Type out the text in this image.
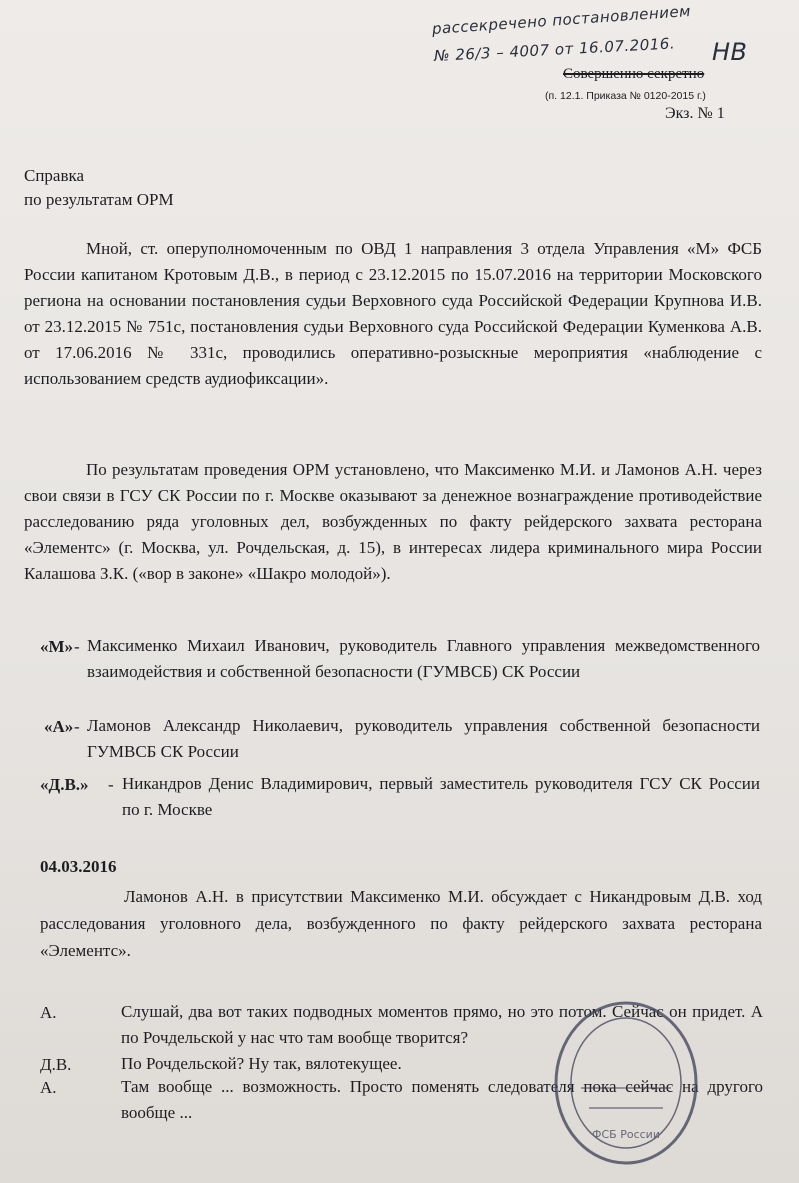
рассекречено постановлением
№ 26/3 – 4007 от 16.07.2016. НВ
Совершенно секретно
(п. 12.1. Приказа № 0120-2015 г.)
Экз. № 1
Справка
по результатам ОРМ
Мной, ст. оперуполномоченным по ОВД 1 направления 3 отдела Управления «М» ФСБ России капитаном Кротовым Д.В., в период с 23.12.2015 по 15.07.2016 на территории Московского региона на основании постановления судьи Верховного суда Российской Федерации Крупнова И.В. от 23.12.2015 № 751с, постановления судьи Верховного суда Российской Федерации Куменкова А.В. от 17.06.2016 № 331с, проводились оперативно-розыскные мероприятия «наблюдение с использованием средств аудиофиксации».
По результатам проведения ОРМ установлено, что Максименко М.И. и Ламонов А.Н. через свои связи в ГСУ СК России по г. Москве оказывают за денежное вознаграждение противодействие расследованию ряда уголовных дел, возбужденных по факту рейдерского захвата ресторана «Элементс» (г. Москва, ул. Рочдельская, д. 15), в интересах лидера криминального мира России Калашова З.К. («вор в законе» «Шакро молодой»).
«М» - Максименко Михаил Иванович, руководитель Главного управления межведомственного взаимодействия и собственной безопасности (ГУМВСБ) СК России
«А» - Ламонов Александр Николаевич, руководитель управления собственной безопасности ГУМВСБ СК России
«Д.В.» - Никандров Денис Владимирович, первый заместитель руководителя ГСУ СК России по г. Москве
04.03.2016
Ламонов А.Н. в присутствии Максименко М.И. обсуждает с Никандровым Д.В. ход расследования уголовного дела, возбужденного по факту рейдерского захвата ресторана «Элементс».
А.	Слушай, два вот таких подводных моментов прямо, но это потом. Сейчас он придет. А по Рочдельской у нас что там вообще творится?
Д.В.	По Рочдельской? Ну так, вялотекущее.
А.	Там вообще ... возможность. Просто поменять следователя пока сейчас на другого вообще ...
ФСБ России
